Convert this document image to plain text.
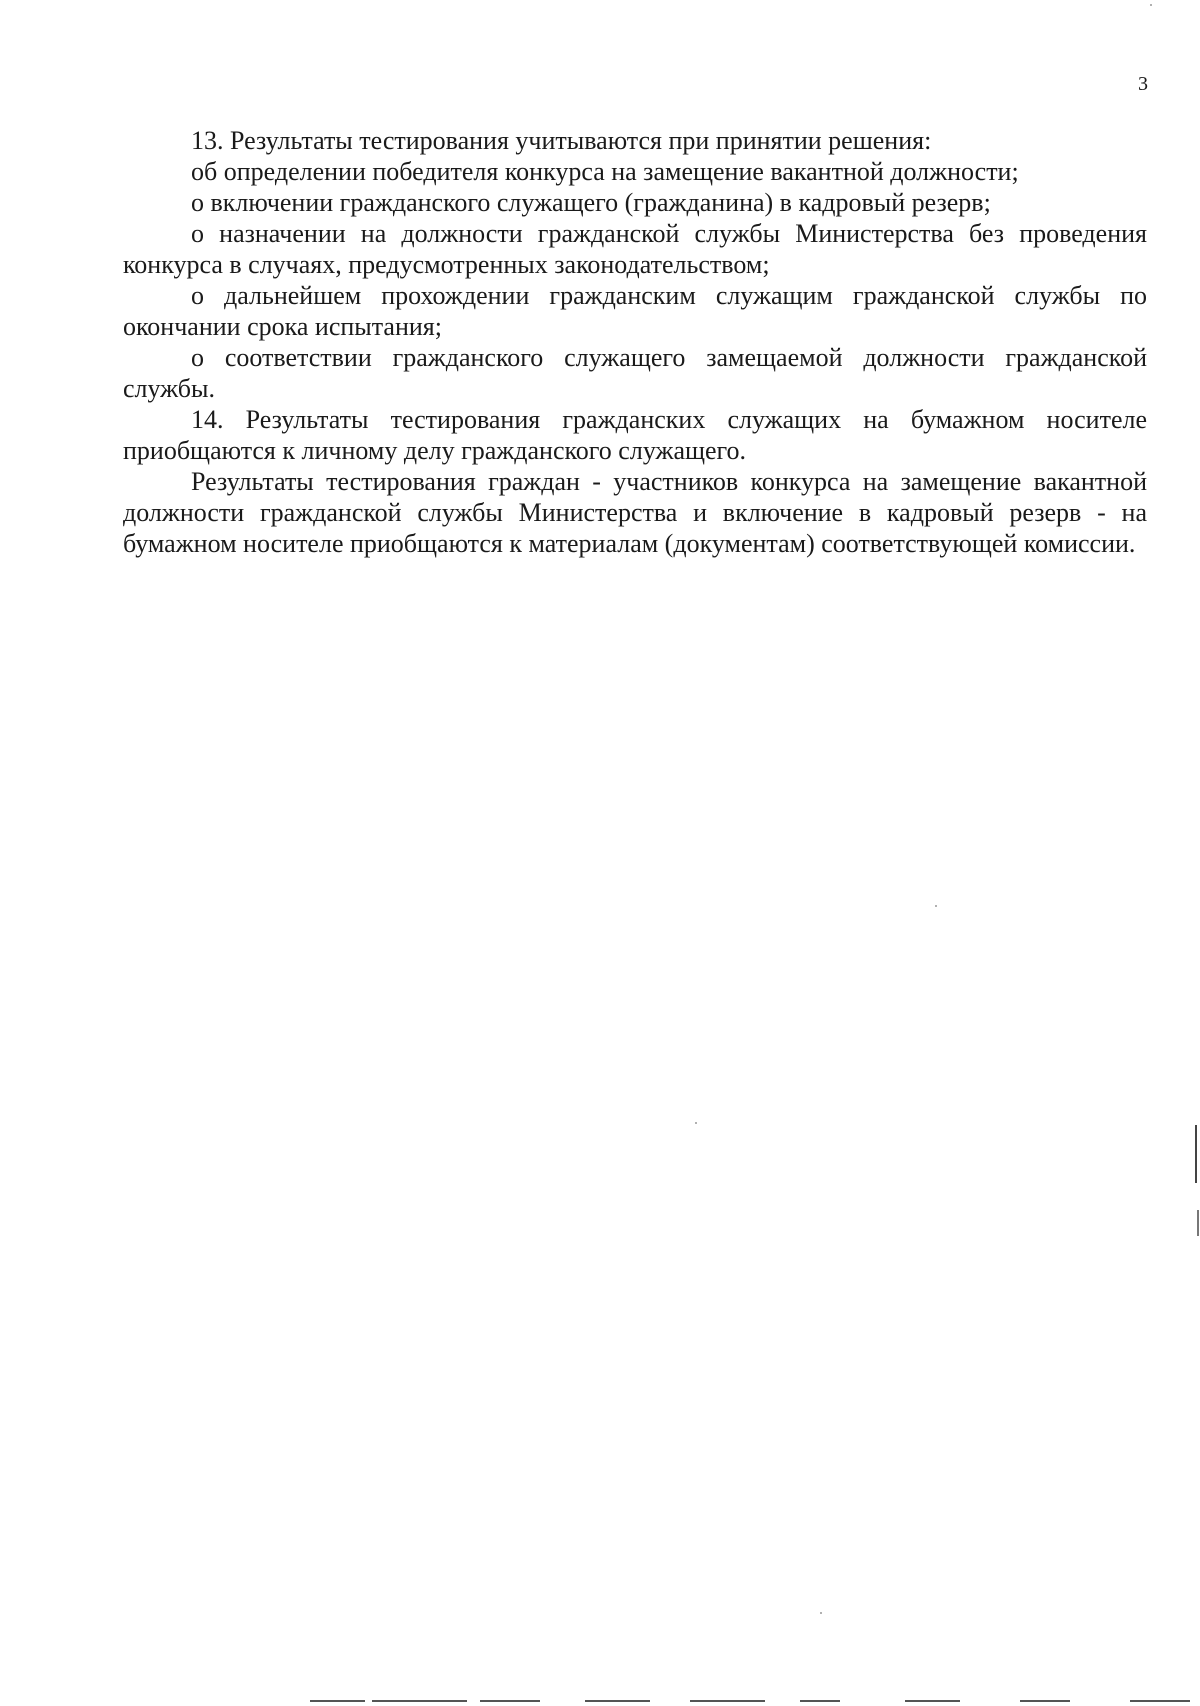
3

13. Результаты тестирования учитываются при принятии решения:

об определении победителя конкурса на замещение вакантной должности;

о включении гражданского служащего (гражданина) в кадровый резерв;

о назначении на должности гражданской службы Министерства без проведения конкурса в случаях, предусмотренных законодательством;

о дальнейшем прохождении гражданским служащим гражданской службы по окончании срока испытания;

о соответствии гражданского служащего замещаемой должности гражданской службы.

14. Результаты тестирования гражданских служащих на бумажном носителе приобщаются к личному делу гражданского служащего.

Результаты тестирования граждан - участников конкурса на замещение вакантной должности гражданской службы Министерства и включение в кадровый резерв - на бумажном носителе приобщаются к материалам (документам) соответствующей комиссии.
